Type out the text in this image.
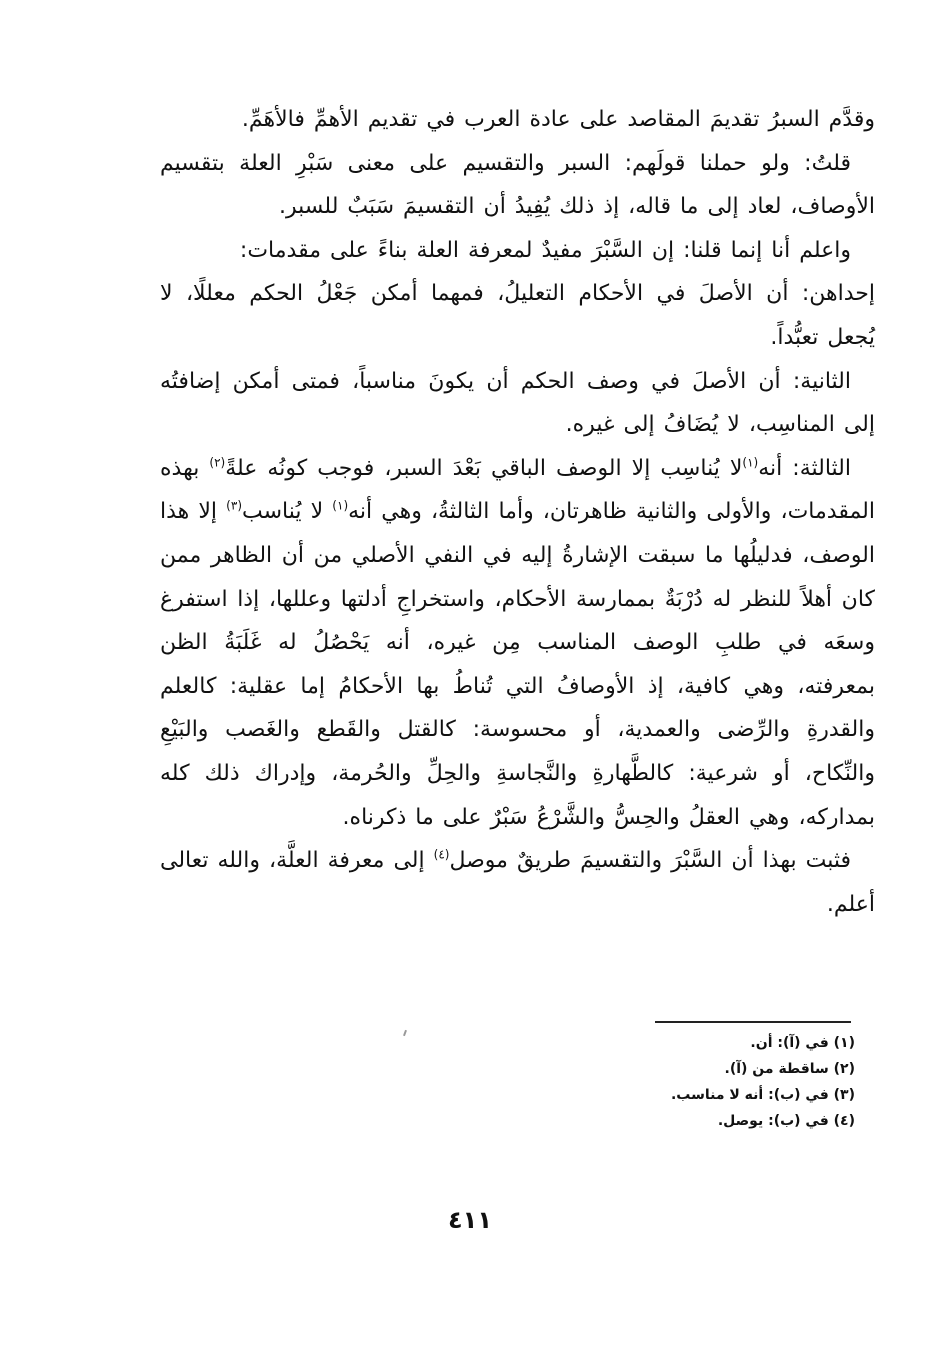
وقدَّم السبرُ تقديمَ المقاصد على عادة العرب في تقديم الأهمِّ فالأهَمِّ.

قلتُ: ولو حملنا قولَهم: السبر والتقسيم على معنى سَبْرِ العلة بتقسيم الأوصاف، لعاد إلى ما قاله، إذ ذلك يُفِيدُ أن التقسيمَ سَبَبٌ للسبر.

واعلم أنا إنما قلنا: إن السَّبْرَ مفيدٌ لمعرفة العلة بناءً على مقدمات:

إحداهن: أن الأصلَ في الأحكام التعليلُ، فمهما أمكن جَعْلُ الحكم معللًا، لا يُجعل تعبُّداً.

الثانية: أن الأصلَ في وصف الحكم أن يكونَ مناسباً، فمتى أمكن إضافتُه إلى المناسِب، لا يُضَافُ إلى غيره.

الثالثة: أنه$^{(١)}$لا يُناسِب إلا الوصف الباقي بَعْدَ السبر، فوجب كونُه علةً$^{(٢)}$ بهذه المقدمات، والأولى والثانية ظاهرتان، وأما الثالثةُ، وهي أنه$^{(١)}$ لا يُناسب$^{(٣)}$ إلا هذا الوصف، فدليلُها ما سبقت الإشارةُ إليه في النفي الأصلي من أن الظاهر ممن كان أهلاً للنظر له دُرْبَةٌ بممارسة الأحكام، واستخراجِ أدلتها وعللها، إذا استفرغ وسعَه في طلبِ الوصف المناسب مِن غيره، أنه يَحْصُلُ له غَلَبَةُ الظن بمعرفته، وهي كافية، إذ الأوصافُ التي تُناطُ بها الأحكامُ إما عقلية: كالعلم والقدرةِ والرِّضى والعمدية، أو محسوسة: كالقتل والقَطع والغَصب والبَيْعِ والنِّكاح، أو شرعية: كالطَّهارةِ والنَّجاسةِ والحِلِّ والحُرمة، وإدراك ذلك كله بمداركه، وهي العقلُ والحِسُّ والشَّرْعُ سَبْرٌ على ما ذكرناه.

فثبت بهذا أن السَّبْرَ والتقسيمَ طريقٌ موصل$^{(٤)}$ إلى معرفة العلَّة، والله تعالى أعلم.

(١) في (آ): أن.

(٢) ساقطة من (آ).

(٣) في (ب): أنه لا مناسب.

(٤) في (ب): يوصل.

٤١١
